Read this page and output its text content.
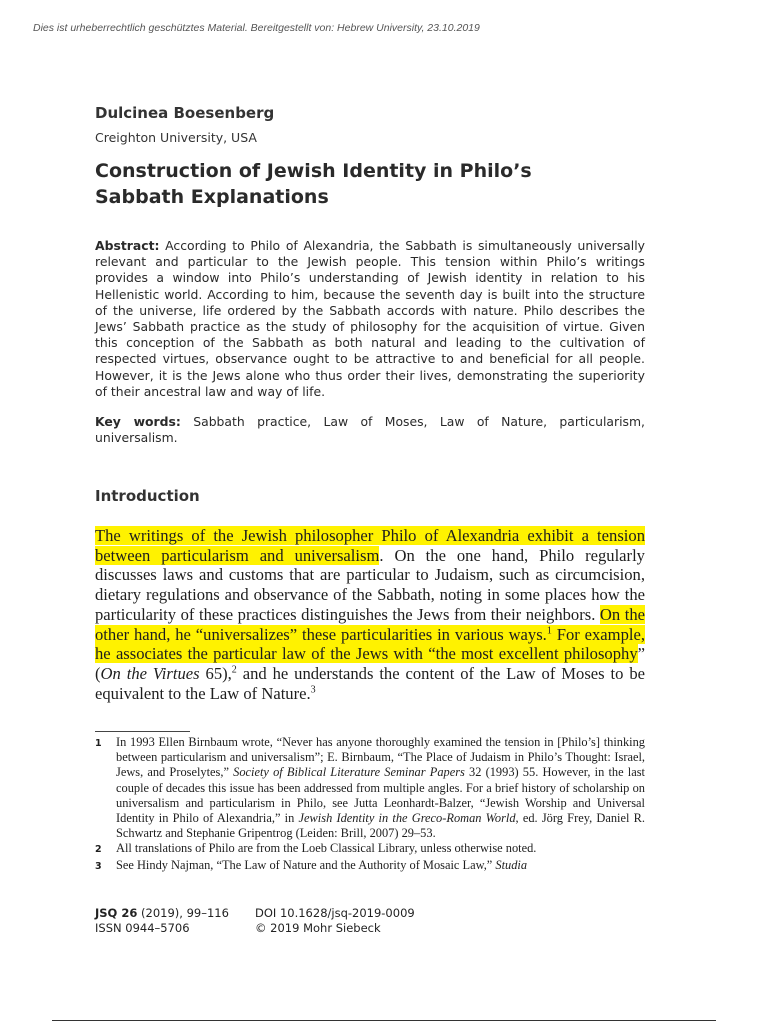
Dies ist urheberrechtlich geschütztes Material. Bereitgestellt von: Hebrew University, 23.10.2019
Dulcinea Boesenberg
Creighton University, USA
Construction of Jewish Identity in Philo’s
Sabbath Explanations
Abstract: According to Philo of Alexandria, the Sabbath is simultaneously universally relevant and particular to the Jewish people. This tension within Philo’s writings provides a window into Philo’s understanding of Jewish identity in relation to his Hellenistic world. According to him, because the seventh day is built into the structure of the universe, life ordered by the Sabbath accords with nature. Philo describes the Jews’ Sabbath practice as the study of philosophy for the acquisition of virtue. Given this conception of the Sabbath as both natural and leading to the cultivation of respected virtues, observance ought to be attractive to and beneficial for all people. However, it is the Jews alone who thus order their lives, demonstrating the superiority of their ancestral law and way of life.
Key words: Sabbath practice, Law of Moses, Law of Nature, particularism, universalism.
Introduction
The writings of the Jewish philosopher Philo of Alexandria exhibit a tension between particularism and universalism. On the one hand, Philo regularly discusses laws and customs that are particular to Judaism, such as circumcision, dietary regulations and observance of the Sabbath, noting in some places how the particularity of these practices distinguishes the Jews from their neighbors. On the other hand, he “universalizes” these particularities in various ways.$^1$ For example, he associates the particular law of the Jews with “the most excellent philosophy” (On the Virtues 65),$^2$ and he understands the content of the Law of Moses to be equivalent to the Law of Nature.$^3$
1	In 1993 Ellen Birnbaum wrote, “Never has anyone thoroughly examined the tension in [Philo’s] thinking between particularism and universalism”; E. Birnbaum, “The Place of Judaism in Philo’s Thought: Israel, Jews, and Proselytes,” Society of Biblical Literature Seminar Papers 32 (1993) 55. However, in the last couple of decades this issue has been addressed from multiple angles. For a brief history of scholarship on universalism and particularism in Philo, see Jutta Leonhardt-Balzer, “Jewish Worship and Universal Identity in Philo of Alexandria,” in Jewish Identity in the Greco-Roman World, ed. Jörg Frey, Daniel R. Schwartz and Stephanie Gripentrog (Leiden: Brill, 2007) 29–53.
2	All translations of Philo are from the Loeb Classical Library, unless otherwise noted.
3	See Hindy Najman, “The Law of Nature and the Authority of Mosaic Law,” Studia
JSQ 26 (2019), 99–116
ISSN 0944–5706
DOI 10.1628/jsq-2019-0009
© 2019 Mohr Siebeck
